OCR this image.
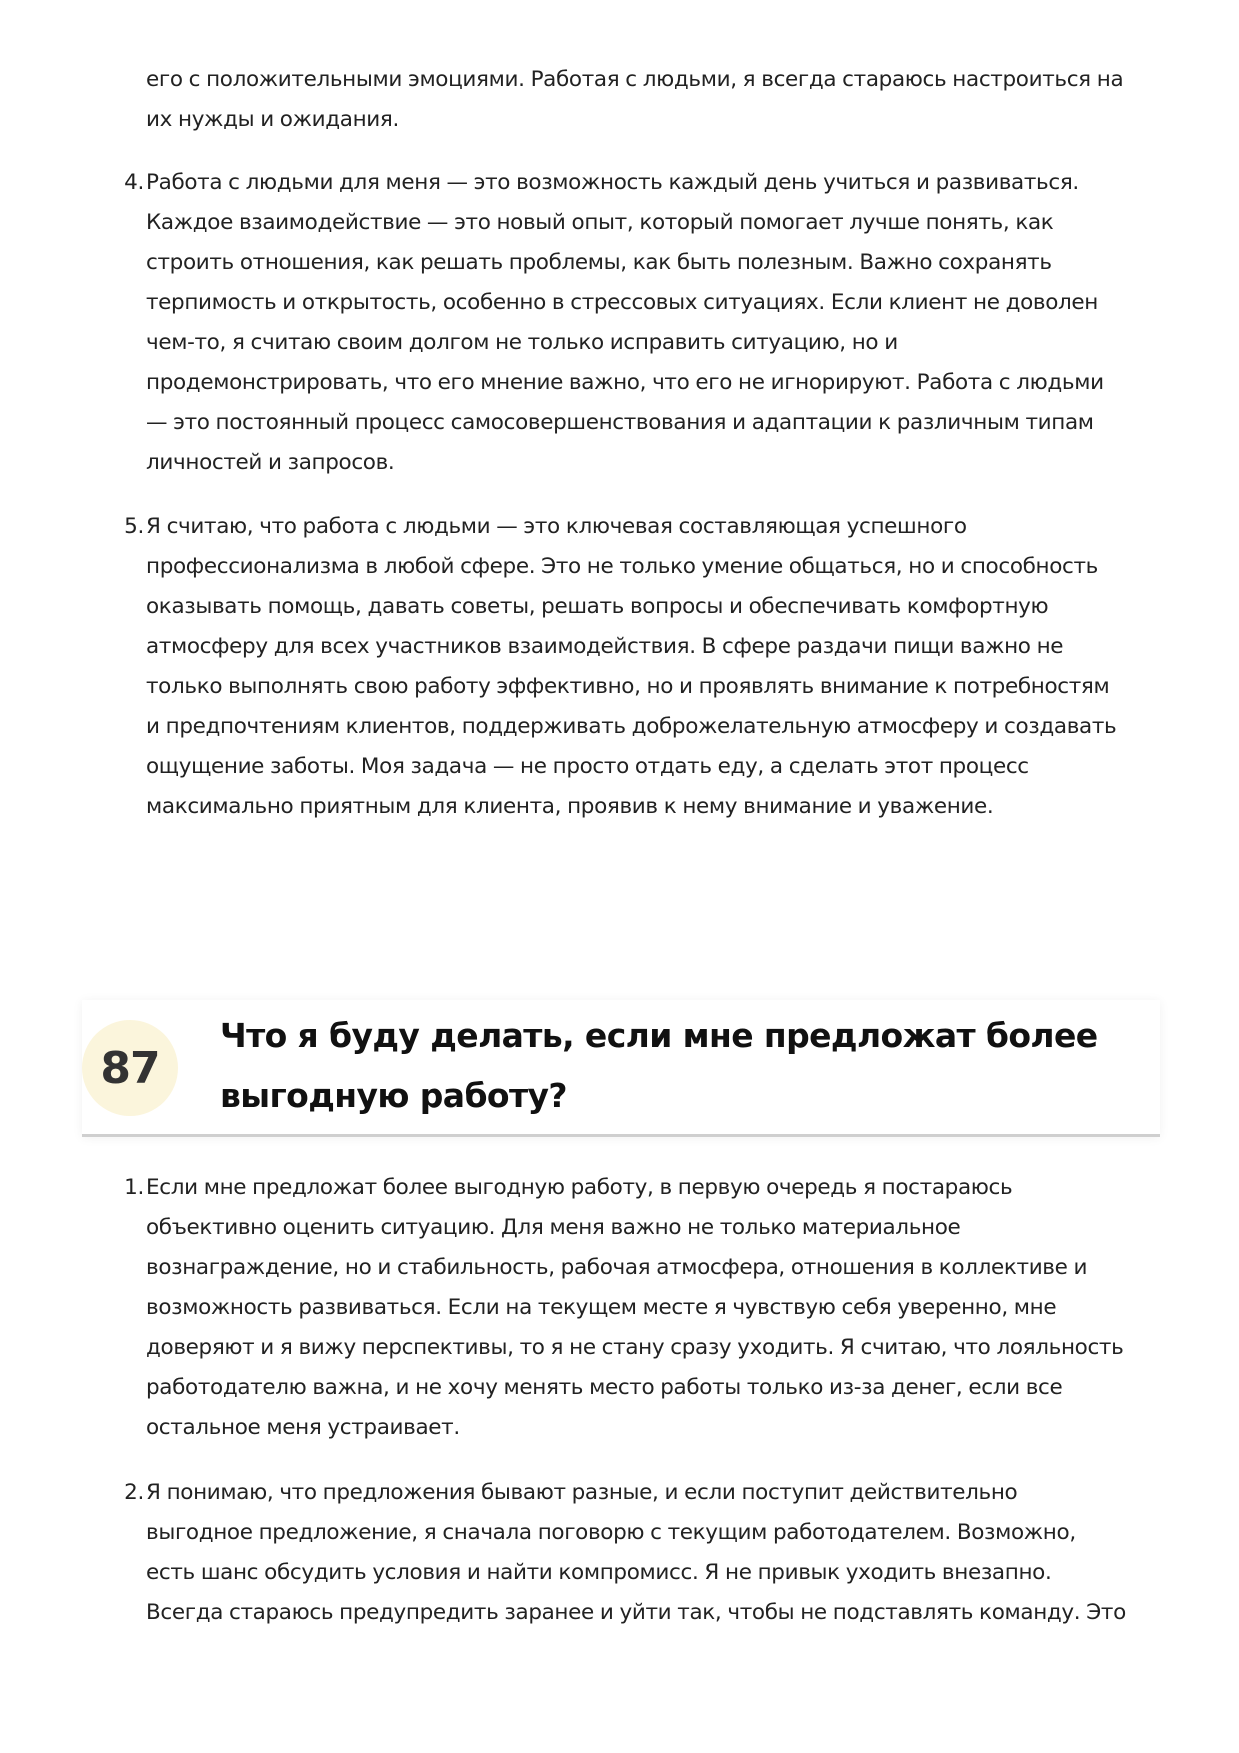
его с положительными эмоциями. Работая с людьми, я всегда стараюсь настроиться на
их нужды и ожидания.
4. Работа с людьми для меня — это возможность каждый день учиться и развиваться.
Каждое взаимодействие — это новый опыт, который помогает лучше понять, как
строить отношения, как решать проблемы, как быть полезным. Важно сохранять
терпимость и открытость, особенно в стрессовых ситуациях. Если клиент не доволен
чем-то, я считаю своим долгом не только исправить ситуацию, но и
продемонстрировать, что его мнение важно, что его не игнорируют. Работа с людьми
— это постоянный процесс самосовершенствования и адаптации к различным типам
личностей и запросов.
5. Я считаю, что работа с людьми — это ключевая составляющая успешного
профессионализма в любой сфере. Это не только умение общаться, но и способность
оказывать помощь, давать советы, решать вопросы и обеспечивать комфортную
атмосферу для всех участников взаимодействия. В сфере раздачи пищи важно не
только выполнять свою работу эффективно, но и проявлять внимание к потребностям
и предпочтениям клиентов, поддерживать доброжелательную атмосферу и создавать
ощущение заботы. Моя задача — не просто отдать еду, а сделать этот процесс
максимально приятным для клиента, проявив к нему внимание и уважение.
87
Что я буду делать, если мне предложат более
выгодную работу?
1. Если мне предложат более выгодную работу, в первую очередь я постараюсь
объективно оценить ситуацию. Для меня важно не только материальное
вознаграждение, но и стабильность, рабочая атмосфера, отношения в коллективе и
возможность развиваться. Если на текущем месте я чувствую себя уверенно, мне
доверяют и я вижу перспективы, то я не стану сразу уходить. Я считаю, что лояльность
работодателю важна, и не хочу менять место работы только из-за денег, если все
остальное меня устраивает.
2. Я понимаю, что предложения бывают разные, и если поступит действительно
выгодное предложение, я сначала поговорю с текущим работодателем. Возможно,
есть шанс обсудить условия и найти компромисс. Я не привык уходить внезапно.
Всегда стараюсь предупредить заранее и уйти так, чтобы не подставлять команду. Это
